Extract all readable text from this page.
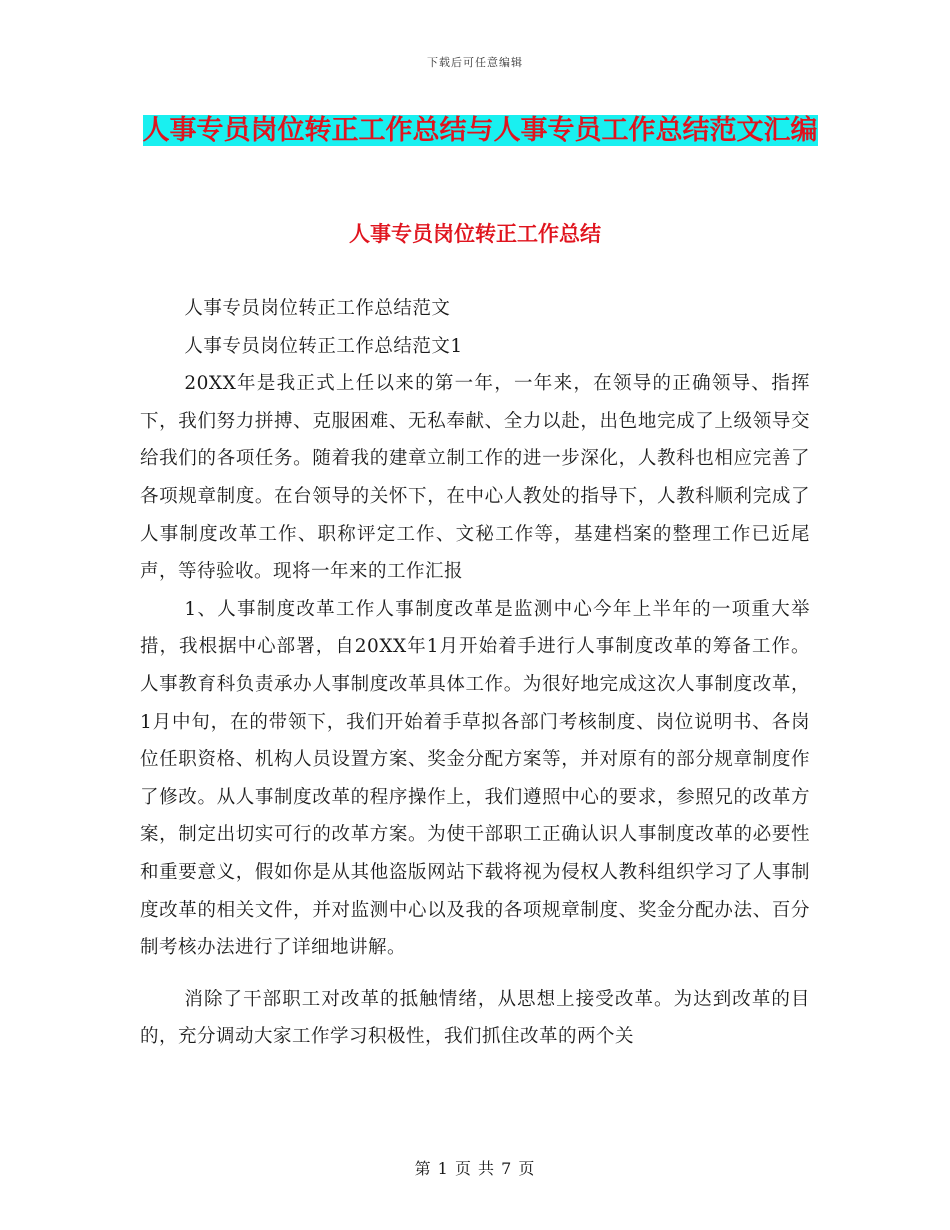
下载后可任意编辑
人事专员岗位转正工作总结与人事专员工作总结范文汇编
人事专员岗位转正工作总结

人事专员岗位转正工作总结范文

人事专员岗位转正工作总结范文1

20XX年是我正式上任以来的第一年，一年来，在领导的正确领导、指挥下，我们努力拼搏、克服困难、无私奉献、全力以赴，出色地完成了上级领导交给我们的各项任务。随着我的建章立制工作的进一步深化，人教科也相应完善了各项规章制度。在台领导的关怀下，在中心人教处的指导下，人教科顺利完成了人事制度改革工作、职称评定工作、文秘工作等，基建档案的整理工作已近尾声，等待验收。现将一年来的工作汇报

1、人事制度改革工作人事制度改革是监测中心今年上半年的一项重大举措，我根据中心部署，自20XX年1月开始着手进行人事制度改革的筹备工作。人事教育科负责承办人事制度改革具体工作。为很好地完成这次人事制度改革，1月中旬，在的带领下，我们开始着手草拟各部门考核制度、岗位说明书、各岗位任职资格、机构人员设置方案、奖金分配方案等，并对原有的部分规章制度作了修改。从人事制度改革的程序操作上，我们遵照中心的要求，参照兄的改革方案，制定出切实可行的改革方案。为使干部职工正确认识人事制度改革的必要性和重要意义，假如你是从其他盗版网站下载将视为侵权人教科组织学习了人事制度改革的相关文件，并对监测中心以及我的各项规章制度、奖金分配办法、百分制考核办法进行了详细地讲解。

消除了干部职工对改革的抵触情绪，从思想上接受改革。为达到改革的目的，充分调动大家工作学习积极性，我们抓住改革的两个关

第 1 页 共 7 页
